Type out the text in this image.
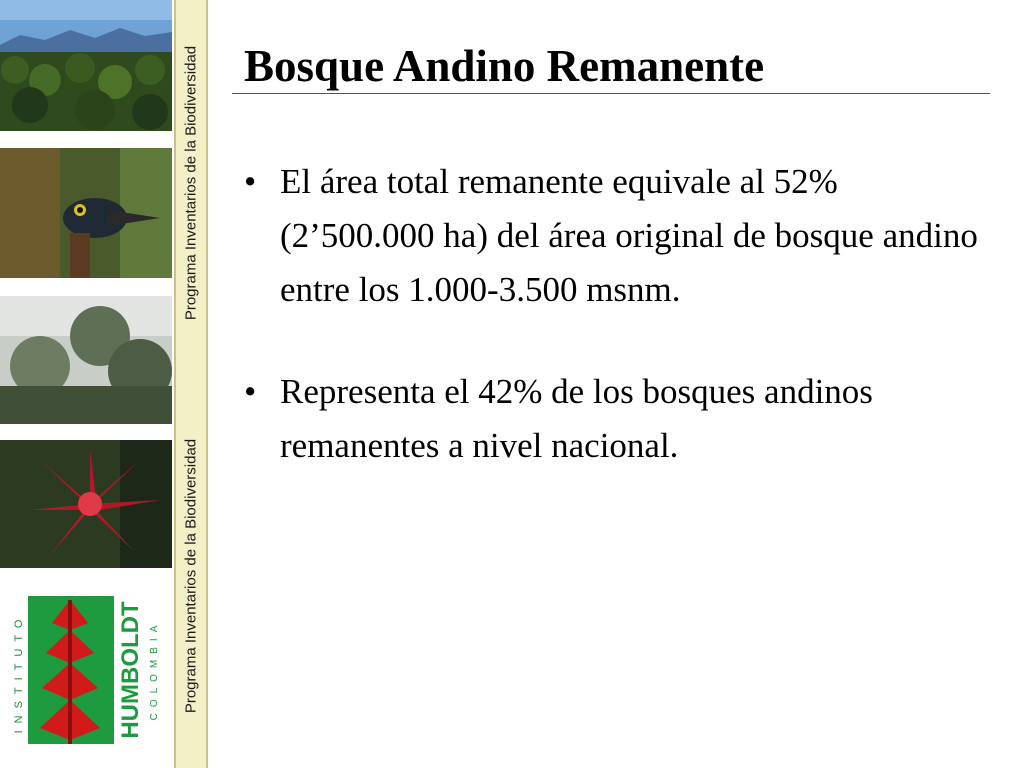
INSTITUTO	HUMBOLDT COLOMBIA
Programa Inventarios de la Biodiversidad
Programa Inventarios de la Biodiversidad
Bosque Andino Remanente
• El área total remanente equivale al 52% (2’500.000 ha) del área original de bosque andino entre los 1.000-3.500 msnm.
• Representa el 42% de los bosques andinos remanentes a nivel nacional.
